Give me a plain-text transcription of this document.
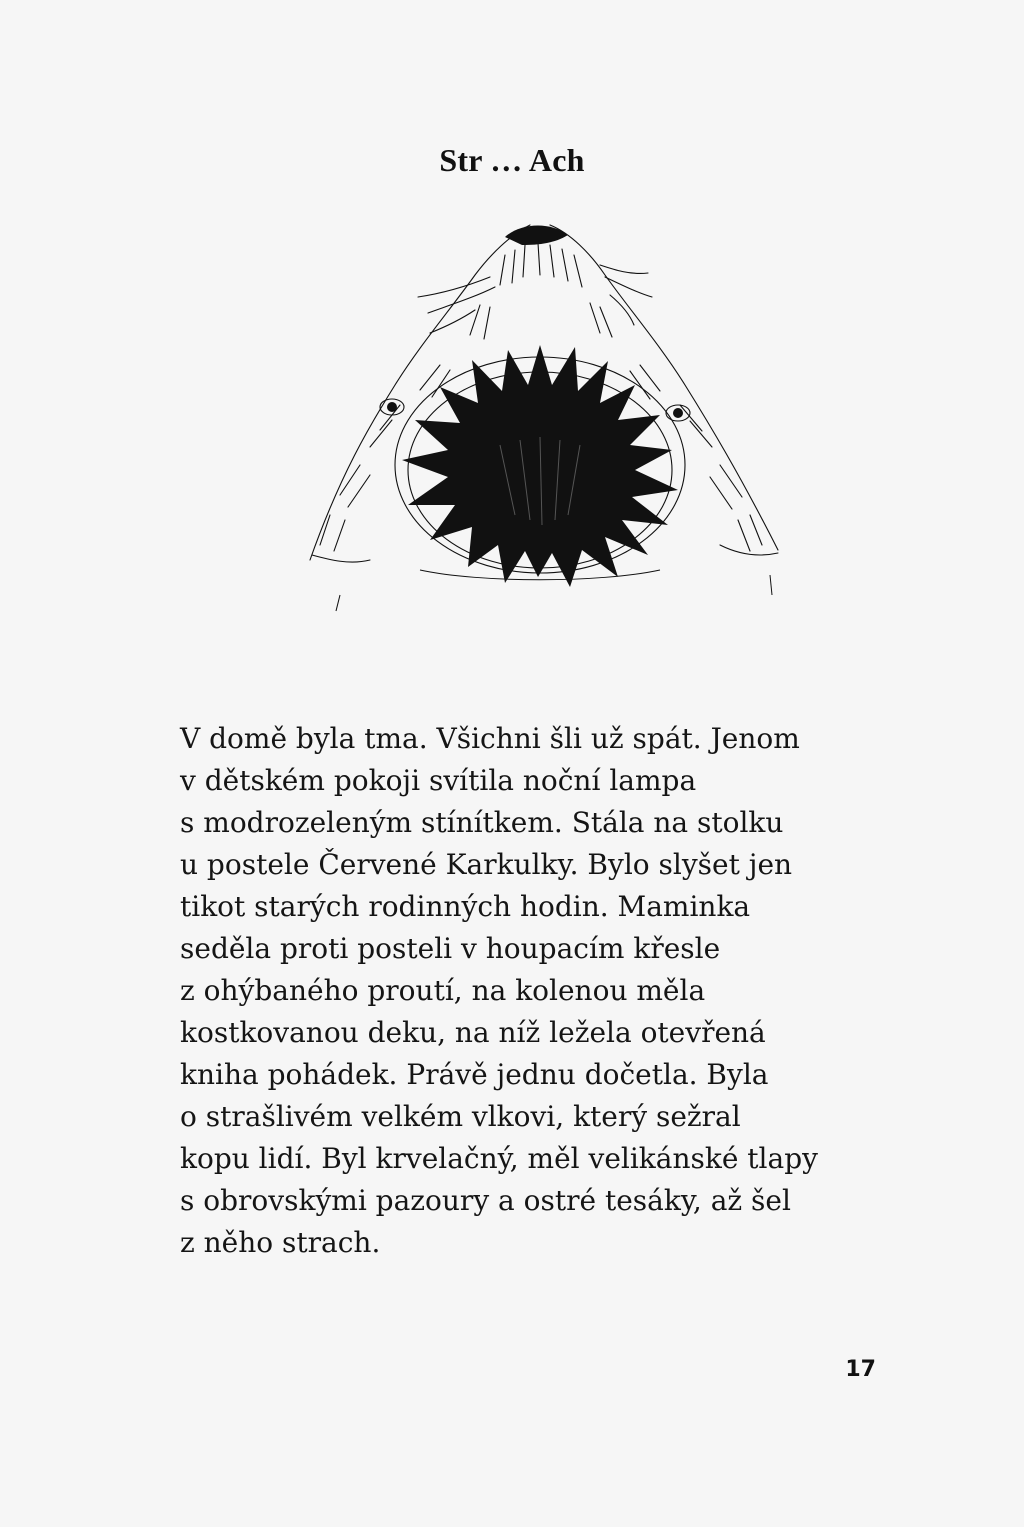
Str … Ach
V domě byla tma. Všichni šli už spát. Jenom
v dětském pokoji svítila noční lampa
s modrozeleným stínítkem. Stála na stolku
u postele Červené Karkulky. Bylo slyšet jen
tikot starých rodinných hodin. Maminka
seděla proti posteli v houpacím křesle
z ohýbaného proutí, na kolenou měla
kostkovanou deku, na níž ležela otevřená
kniha pohádek. Právě jednu dočetla. Byla
o strašlivém velkém vlkovi, který sežral
kopu lidí. Byl krvelačný, měl velikánské tlapy
s obrovskými pazoury a ostré tesáky, až šel
z něho strach.
17
